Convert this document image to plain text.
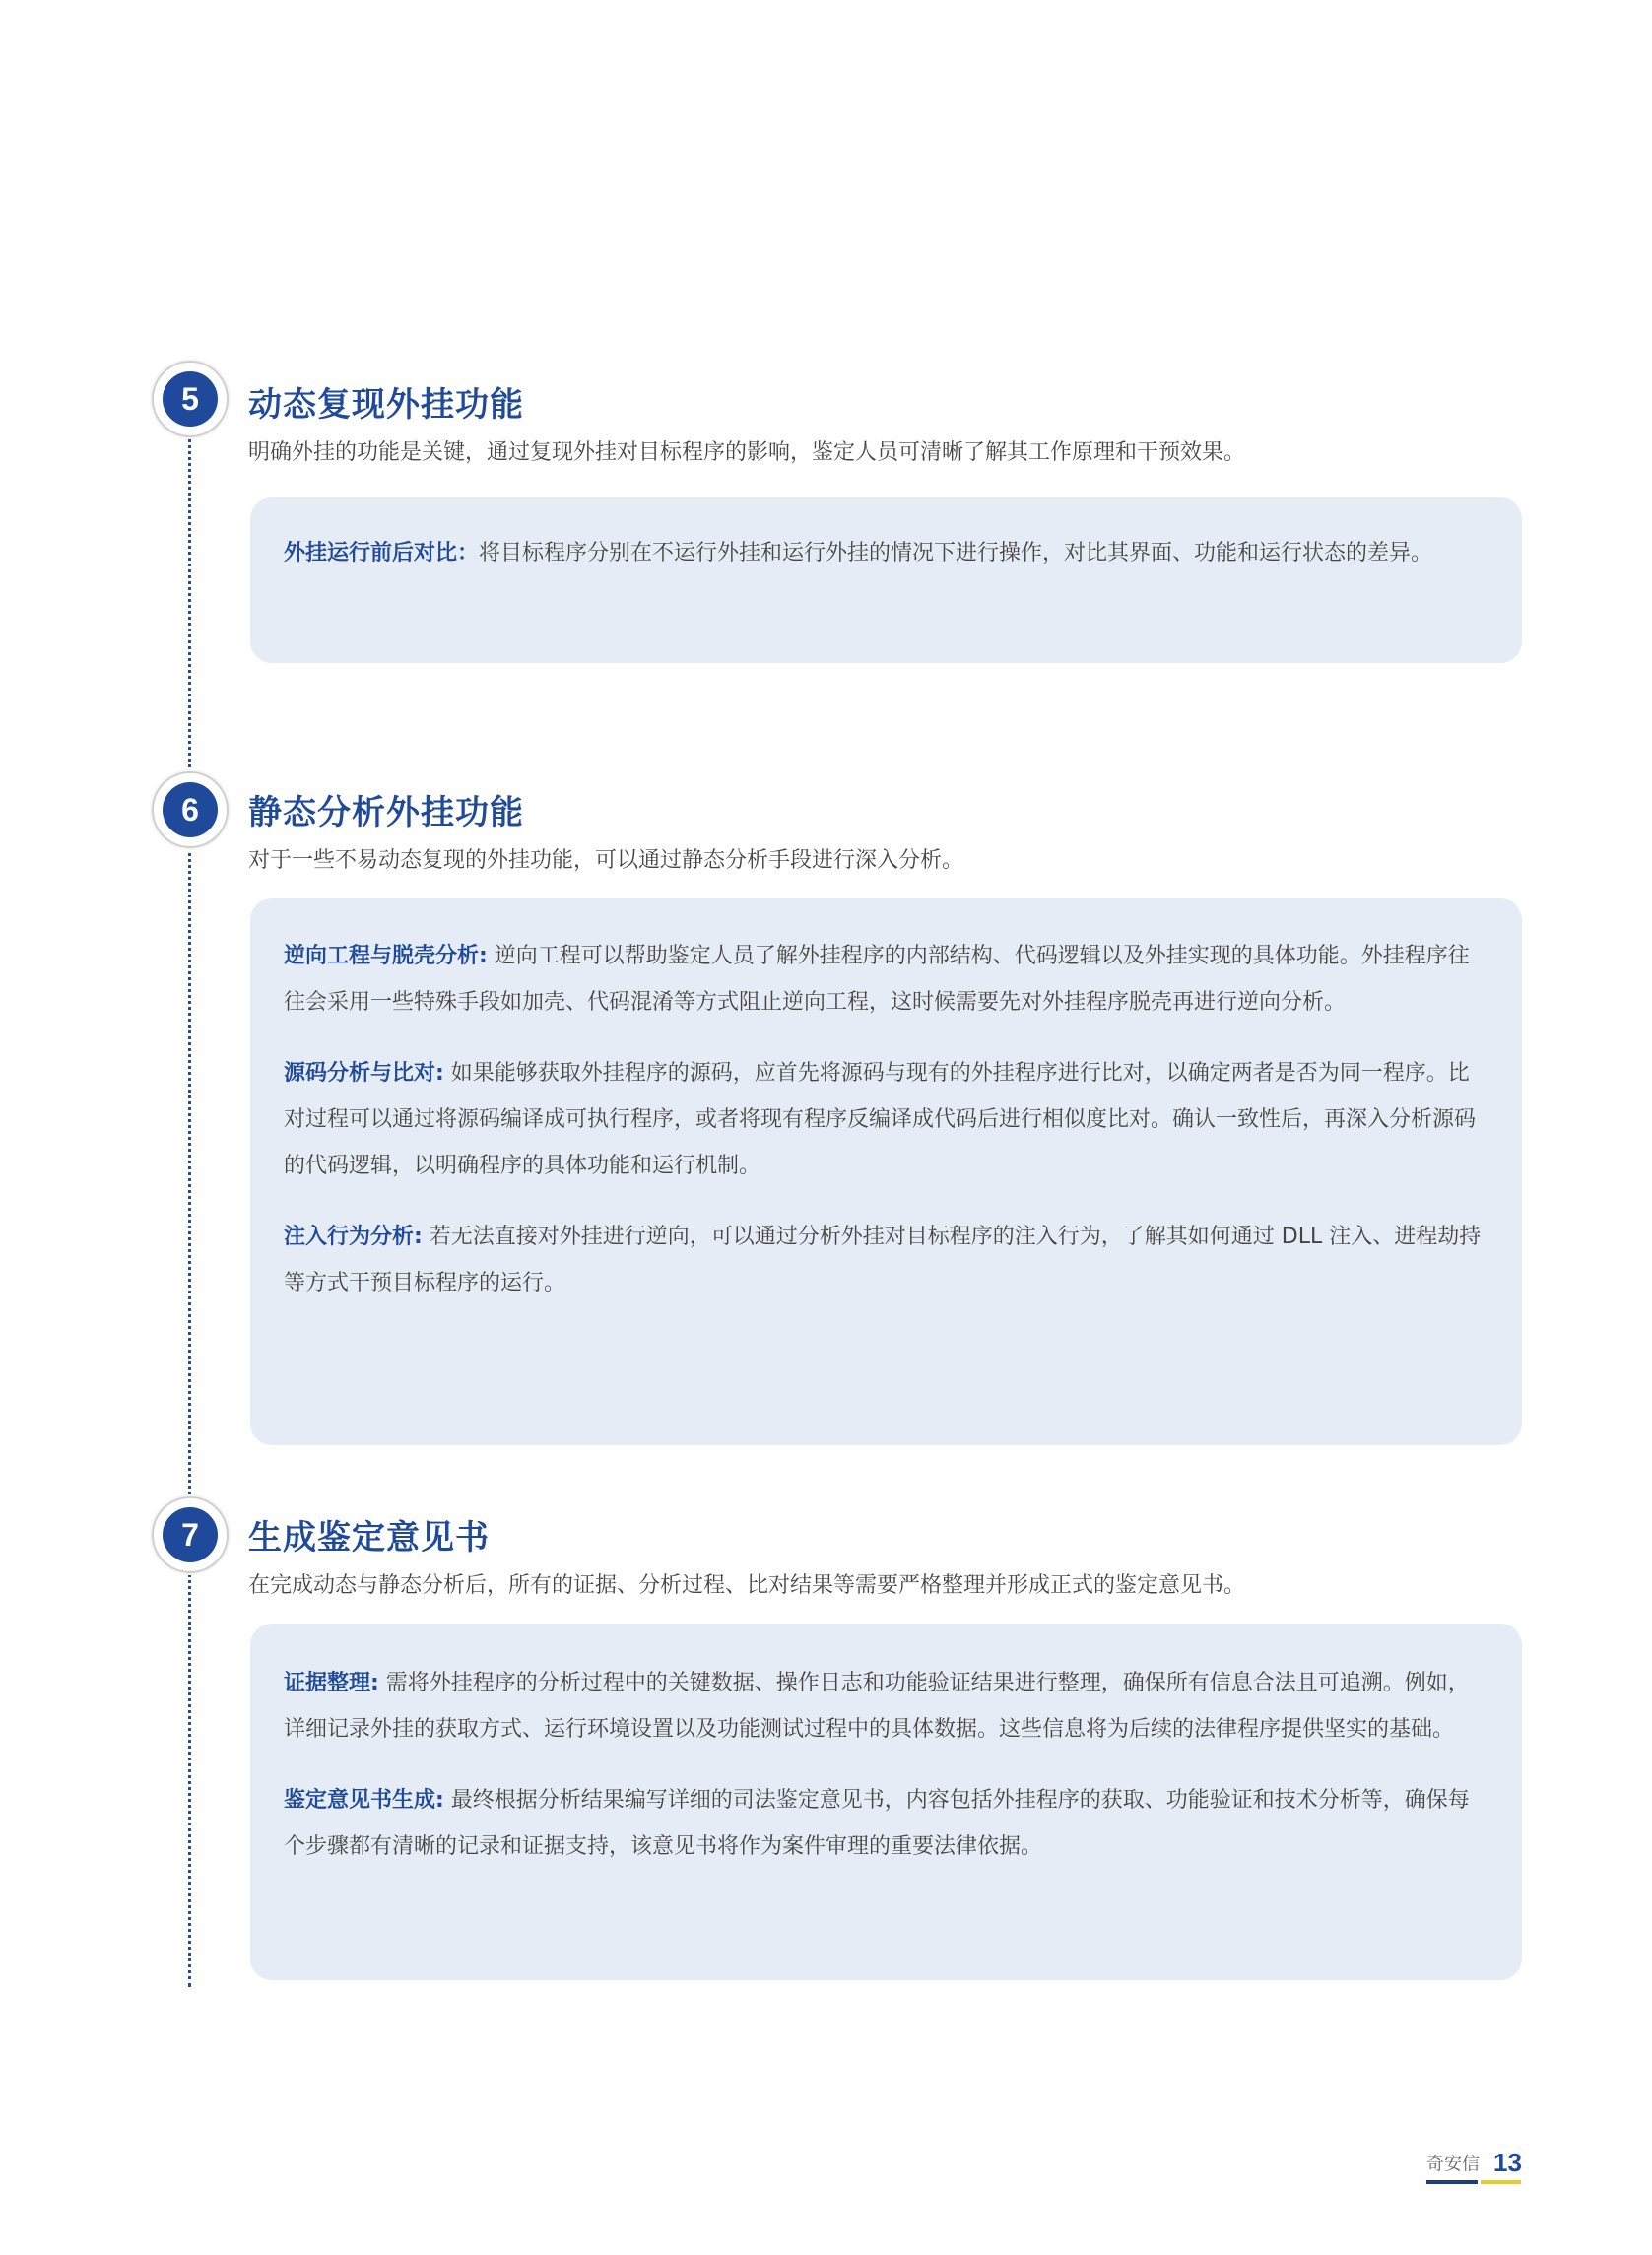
5	动态复现外挂功能
明确外挂的功能是关键，通过复现外挂对目标程序的影响，鉴定人员可清晰了解其工作原理和干预效果。
外挂运行前后对比：将目标程序分别在不运行外挂和运行外挂的情况下进行操作，对比其界面、功能和运行状态的差异。
6	静态分析外挂功能
对于一些不易动态复现的外挂功能，可以通过静态分析手段进行深入分析。
逆向工程与脱壳分析: 逆向工程可以帮助鉴定人员了解外挂程序的内部结构、代码逻辑以及外挂实现的具体功能。外挂程序往往会采用一些特殊手段如加壳、代码混淆等方式阻止逆向工程，这时候需要先对外挂程序脱壳再进行逆向分析。
源码分析与比对: 如果能够获取外挂程序的源码，应首先将源码与现有的外挂程序进行比对，以确定两者是否为同一程序。比对过程可以通过将源码编译成可执行程序，或者将现有程序反编译成代码后进行相似度比对。确认一致性后，再深入分析源码的代码逻辑，以明确程序的具体功能和运行机制。
注入行为分析: 若无法直接对外挂进行逆向，可以通过分析外挂对目标程序的注入行为，了解其如何通过 DLL 注入、进程劫持等方式干预目标程序的运行。
7	生成鉴定意见书
在完成动态与静态分析后，所有的证据、分析过程、比对结果等需要严格整理并形成正式的鉴定意见书。
证据整理: 需将外挂程序的分析过程中的关键数据、操作日志和功能验证结果进行整理，确保所有信息合法且可追溯。例如，详细记录外挂的获取方式、运行环境设置以及功能测试过程中的具体数据。这些信息将为后续的法律程序提供坚实的基础。
鉴定意见书生成: 最终根据分析结果编写详细的司法鉴定意见书，内容包括外挂程序的获取、功能验证和技术分析等，确保每个步骤都有清晰的记录和证据支持，该意见书将作为案件审理的重要法律依据。
奇安信 13
